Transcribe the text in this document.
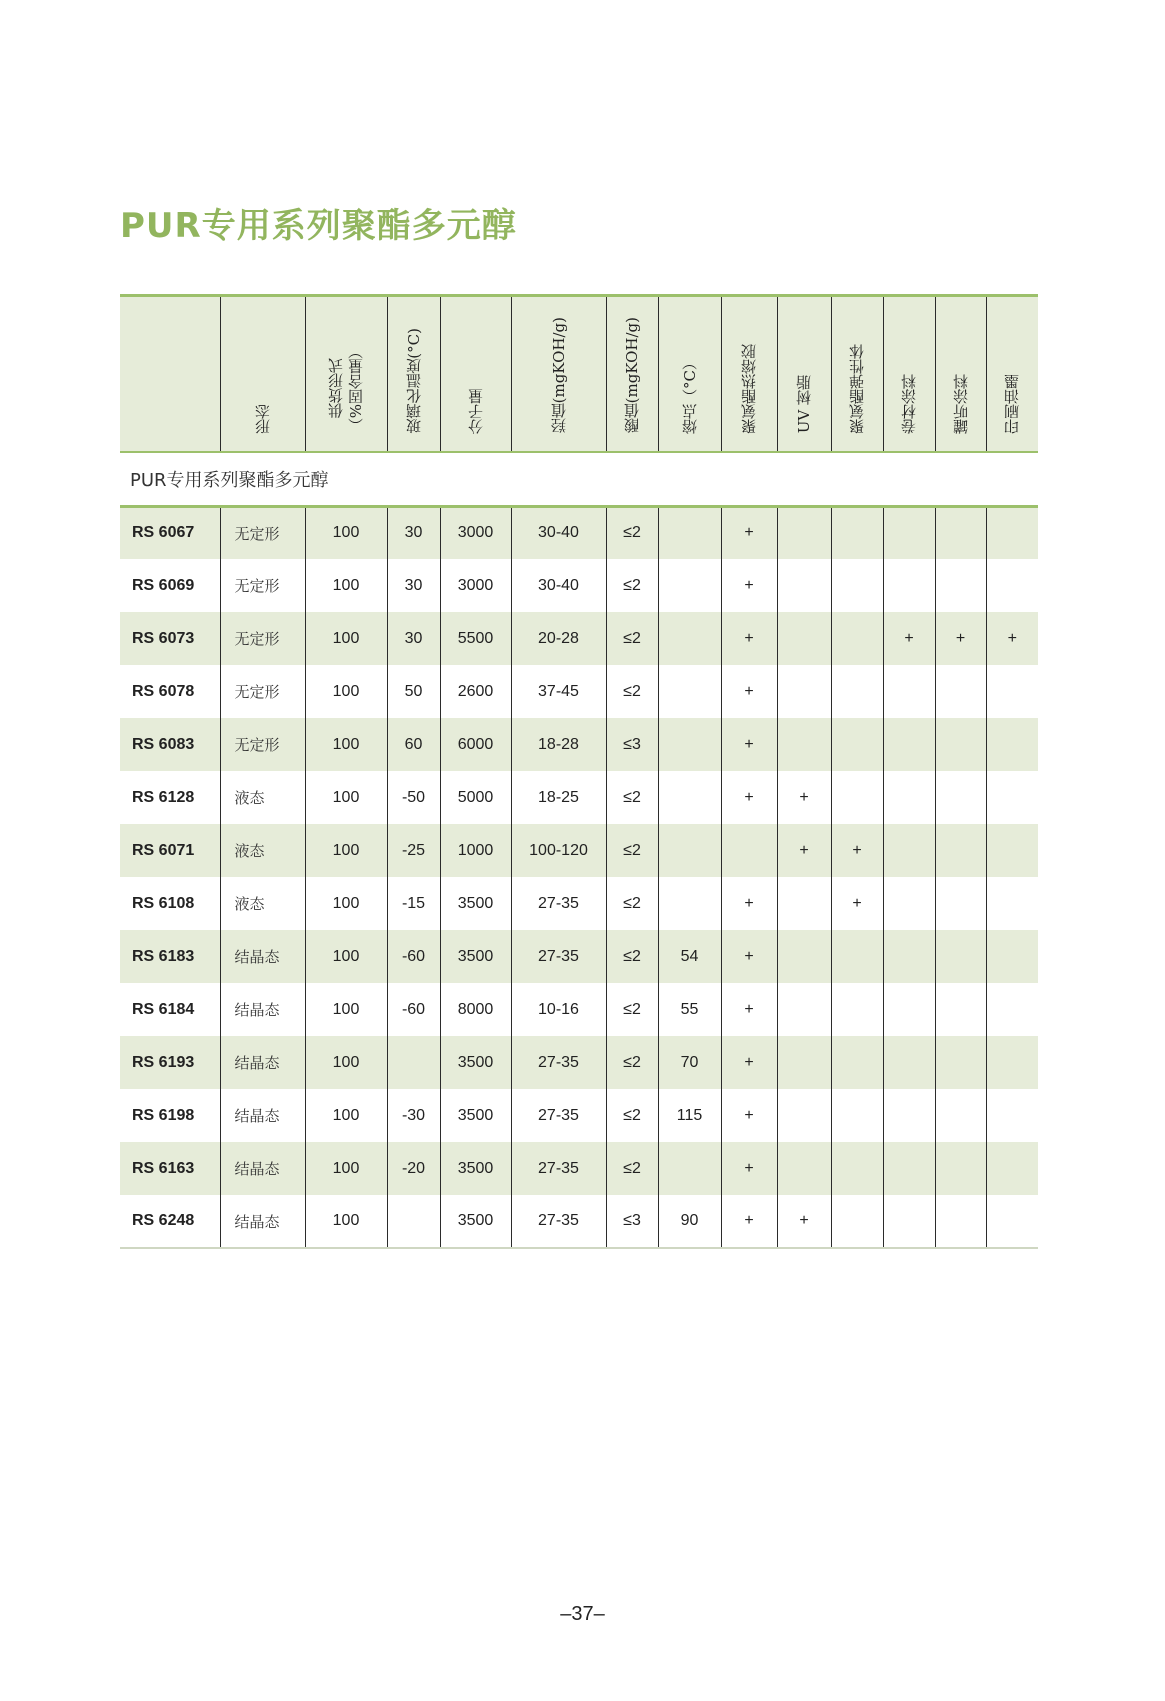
PUR专用系列聚酯多元醇
	形态	供货形式 （%固含量）	玻璃化温度(°C)	分子量	羟值(mgKOH/g)	酸值(mgKOH/g)	熔点（°C）	聚氨酯热熔胶	UV 树脂	聚氨酯弹性体	卷材涂料	罐听涂料	印刷油墨
PUR专用系列聚酯多元醇													
RS 6067	无定形	100	30	3000	30-40	≤2		+					
RS 6069	无定形	100	30	3000	30-40	≤2		+					
RS 6073	无定形	100	30	5500	20-28	≤2		+			+	+	+
RS 6078	无定形	100	50	2600	37-45	≤2		+					
RS 6083	无定形	100	60	6000	18-28	≤3		+					
RS 6128	液态	100	-50	5000	18-25	≤2		+	+				
RS 6071	液态	100	-25	1000	100-120	≤2			+	+			
RS 6108	液态	100	-15	3500	27-35	≤2		+		+			
RS 6183	结晶态	100	-60	3500	27-35	≤2	54	+					
RS 6184	结晶态	100	-60	8000	10-16	≤2	55	+					
RS 6193	结晶态	100		3500	27-35	≤2	70	+					
RS 6198	结晶态	100	-30	3500	27-35	≤2	115	+					
RS 6163	结晶态	100	-20	3500	27-35	≤2		+					
RS 6248	结晶态	100		3500	27-35	≤3	90	+	+				
–37–
